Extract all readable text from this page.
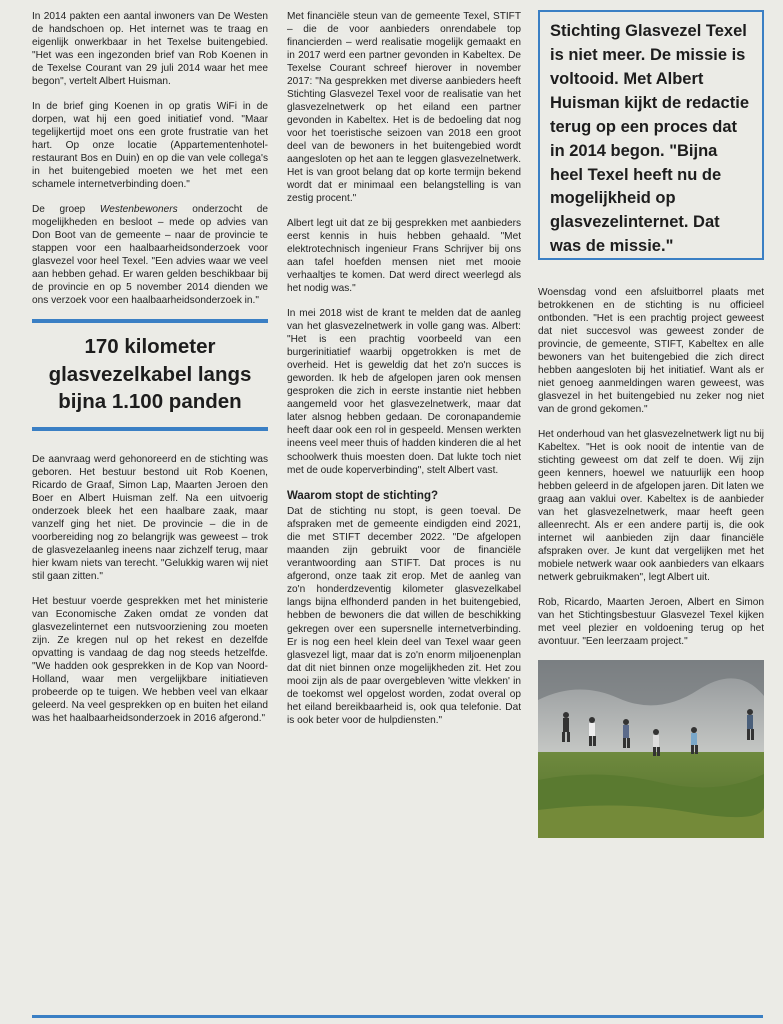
In 2014 pakten een aantal inwoners van De Westen de handschoen op. Het internet was te traag en eigenlijk onwerkbaar in het Texelse buitengebied. "Het was een ingezonden brief van Rob Koenen in de Texelse Courant van 29 juli 2014 waar het mee begon", vertelt Albert Huisman.

In de brief ging Koenen in op gratis WiFi in de dorpen, wat hij een goed initiatief vond. "Maar tegelijkertijd moet ons een grote frustratie van het hart. Op onze locatie (Appartementenhotel-restaurant Bos en Duin) en op die van vele collega's in het buitengebied moeten we het met een schamele internetverbinding doen."

De groep Westenbewoners onderzocht de mogelijkheden en besloot – mede op advies van Don Boot van de gemeente – naar de provincie te stappen voor een haalbaarheidsonderzoek voor glasvezel voor heel Texel. "Een advies waar we veel aan hebben gehad. Er waren gelden beschikbaar bij de provincie en op 5 november 2014 dienden we ons verzoek voor een haalbaarheidsonderzoek in."

170 kilometer glasvezelkabel langs bijna 1.100 panden

De aanvraag werd gehonoreerd en de stichting was geboren. Het bestuur bestond uit Rob Koenen, Ricardo de Graaf, Simon Lap, Maarten Jeroen den Boer en Albert Huisman zelf. Na een uitvoerig onderzoek bleek het een haalbare zaak, maar vanzelf ging het niet. De provincie – die in de voorbereiding nog zo belangrijk was geweest – trok de glasvezelaanleg ineens naar zichzelf terug, maar hier kwam niets van terecht. "Gelukkig waren wij niet stil gaan zitten."

Het bestuur voerde gesprekken met het ministerie van Economische Zaken omdat ze vonden dat glasvezelinternet een nutsvoorziening zou moeten zijn. Ze kregen nul op het rekest en dezelfde opvatting is vandaag de dag nog steeds hetzelfde. "We hadden ook gesprekken in de Kop van Noord-Holland, waar men vergelijkbare initiatieven probeerde op te tuigen. We hebben veel van elkaar geleerd. Na veel gesprekken op en buiten het eiland was het haalbaarheidsonderzoek in 2016 afgerond."

Met financiële steun van de gemeente Texel, STIFT – die de voor aanbieders onrendabele top financierden – werd realisatie mogelijk gemaakt en in 2017 werd een partner gevonden in Kabeltex. De Texelse Courant schreef hierover in november 2017: "Na gesprekken met diverse aanbieders heeft Stichting Glasvezel Texel voor de realisatie van het glasvezelnetwerk op het eiland een partner gevonden in Kabeltex. Het is de bedoeling dat nog voor het toeristische seizoen van 2018 een groot deel van de bewoners in het buitengebied wordt aangesloten op het aan te leggen glasvezelnetwerk. Het is van groot belang dat op korte termijn bekend wordt dat er minimaal een belangstelling is van zestig procent."

Albert legt uit dat ze bij gesprekken met aanbieders eerst kennis in huis hebben gehaald. "Met elektrotechnisch ingenieur Frans Schrijver bij ons aan tafel hoefden mensen niet met mooie verhaaltjes te komen. Dat werd direct weerlegd als het nodig was."

In mei 2018 wist de krant te melden dat de aanleg van het glasvezelnetwerk in volle gang was. Albert: "Het is een prachtig voorbeeld van een burgerinitiatief waarbij opgetrokken is met de overheid. Het is geweldig dat het zo'n succes is geworden. Ik heb de afgelopen jaren ook mensen gesproken die zich in eerste instantie niet hebben aangemeld voor het glasvezelnetwerk, maar dat later alsnog hebben gedaan. De coronapandemie heeft daar ook een rol in gespeeld. Mensen werkten ineens veel meer thuis of hadden kinderen die al het schoolwerk thuis moesten doen. Dat lukte toch niet met de oude koperverbinding", stelt Albert vast.

Waarom stopt de stichting?

Dat de stichting nu stopt, is geen toeval. De afspraken met de gemeente eindigden eind 2021, die met STIFT december 2022. "De afgelopen maanden zijn gebruikt voor de financiële verantwoording aan STIFT. Dat proces is nu afgerond, onze taak zit erop. Met de aanleg van zo'n honderdzeventig kilometer glasvezelkabel langs bijna elfhonderd panden in het buitengebied, hebben de bewoners die dat willen de beschikking gekregen over een supersnelle internetverbinding. Er is nog een heel klein deel van Texel waar geen glasvezel ligt, maar dat is zo'n enorm miljoenenplan dat dit niet binnen onze mogelijkheden zit. Het zou mooi zijn als de paar overgebleven 'witte vlekken' in de toekomst wel opgelost worden, zodat overal op het eiland bereikbaarheid is, ook qua telefonie. Dat is ook beter voor de hulpdiensten."

Stichting Glasvezel Texel is niet meer. De missie is voltooid. Met Albert Huisman kijkt de redactie terug op een proces dat in 2014 begon. "Bijna heel Texel heeft nu de mogelijkheid op glasvezelinternet. Dat was de missie."

Woensdag vond een afsluitborrel plaats met betrokkenen en de stichting is nu officieel ontbonden. "Het is een prachtig project geweest dat niet succesvol was geweest zonder de provincie, de gemeente, STIFT, Kabeltex en alle bewoners van het buitengebied die zich direct hebben aangesloten bij het initiatief. Want als er niet genoeg aanmeldingen waren geweest, was glasvezel in het buitengebied nu zeker nog niet van de grond gekomen."

Het onderhoud van het glasvezelnetwerk ligt nu bij Kabeltex. "Het is ook nooit de intentie van de stichting geweest om dat zelf te doen. Wij zijn geen kenners, hoewel we natuurlijk een hoop hebben geleerd in de afgelopen jaren. Dit laten we graag aan vaklui over. Kabeltex is de aanbieder van het glasvezelnetwerk, maar heeft geen alleenrecht. Als er een andere partij is, die ook internet wil aanbieden zijn daar financiële afspraken over. Je kunt dat vergelijken met het mobiele netwerk waar ook aanbieders van elkaars netwerk gebruikmaken", legt Albert uit.

Rob, Ricardo, Maarten Jeroen, Albert en Simon van het Stichtingsbestuur Glasvezel Texel kijken met veel plezier en voldoening terug op het avontuur. "Een leerzaam project."
